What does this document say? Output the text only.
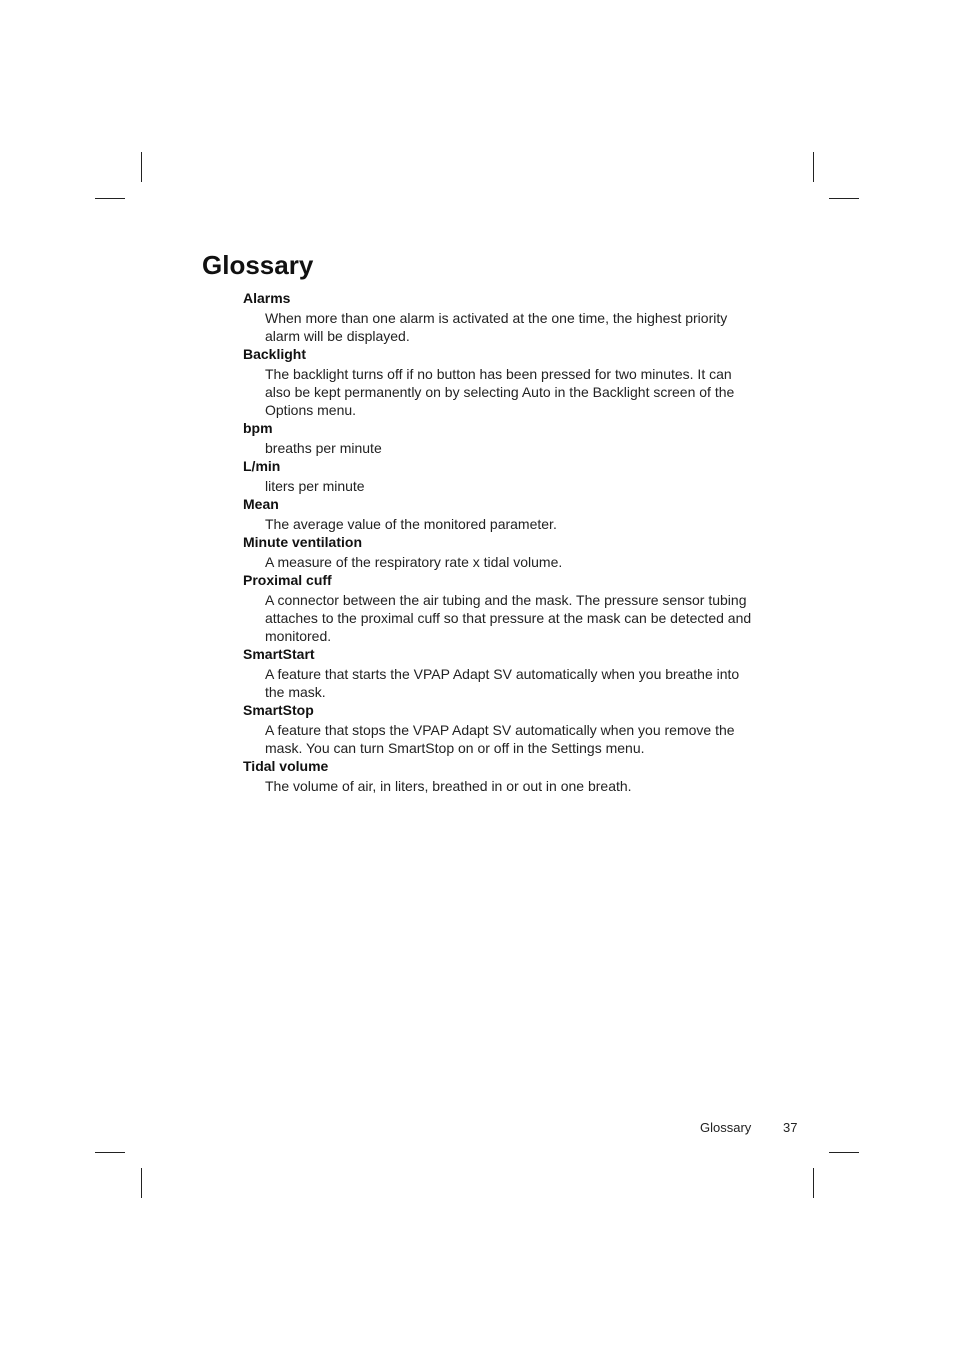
Glossary
Alarms
When more than one alarm is activated at the one time, the highest priority alarm will be displayed.
Backlight
The backlight turns off if no button has been pressed for two minutes. It can also be kept permanently on by selecting Auto in the Backlight screen of the Options menu.
bpm
breaths per minute
L/min
liters per minute
Mean
The average value of the monitored parameter.
Minute ventilation
A measure of the respiratory rate x tidal volume.
Proximal cuff
A connector between the air tubing and the mask. The pressure sensor tubing attaches to the proximal cuff so that pressure at the mask can be detected and monitored.
SmartStart
A feature that starts the VPAP Adapt SV automatically when you breathe into the mask.
SmartStop
A feature that stops the VPAP Adapt SV automatically when you remove the mask. You can turn SmartStop on or off in the Settings menu.
Tidal volume
The volume of air, in liters, breathed in or out in one breath.
Glossary 37
